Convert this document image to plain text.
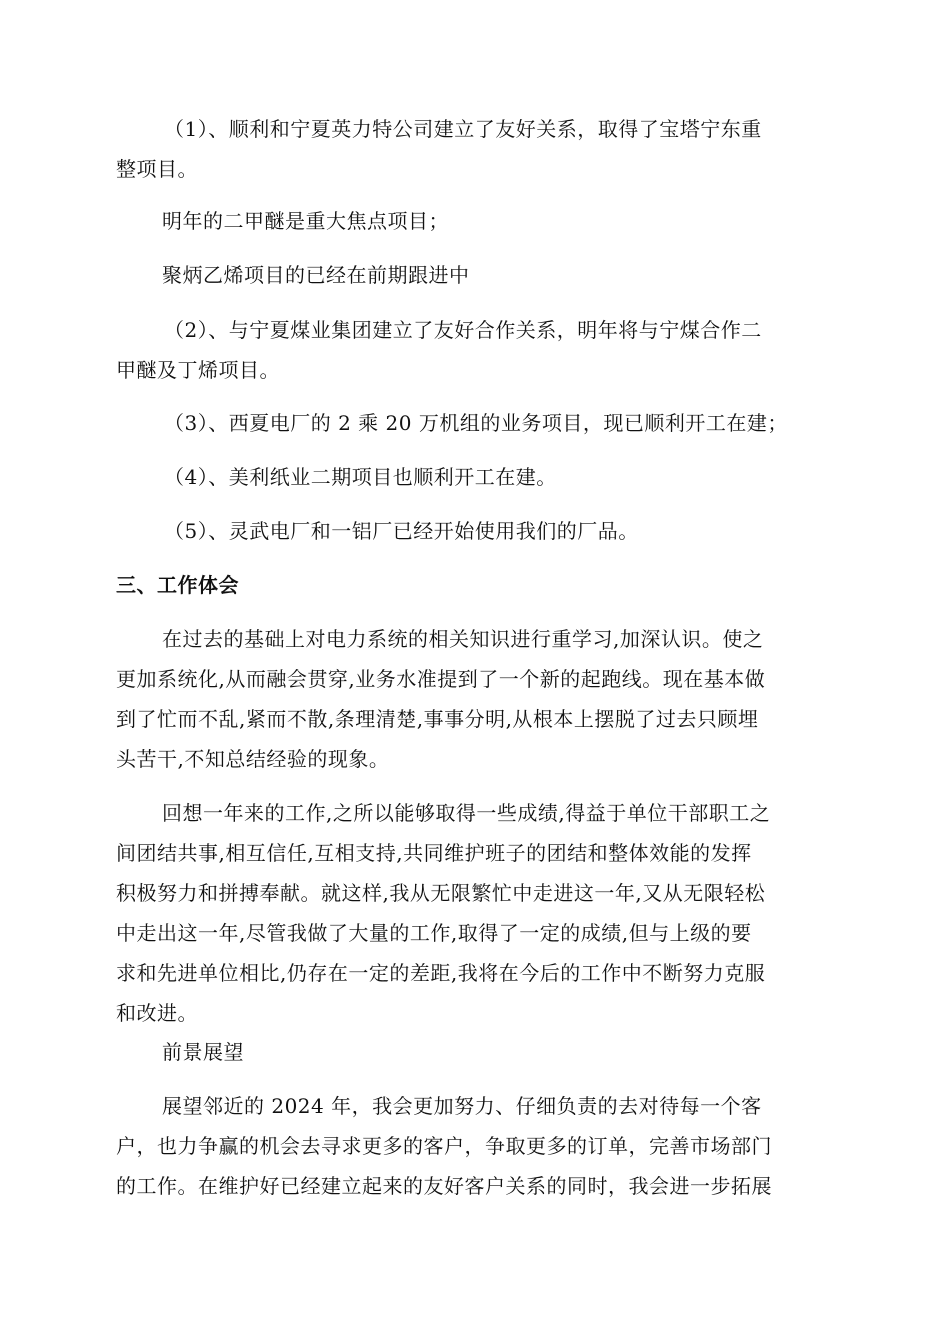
（1）、顺利和宁夏英力特公司建立了友好关系，取得了宝塔宁东重
整项目。

明年的二甲醚是重大焦点项目；

聚炳乙烯项目的已经在前期跟进中

（2）、与宁夏煤业集团建立了友好合作关系，明年将与宁煤合作二
甲醚及丁烯项目。

（3）、西夏电厂的 2 乘 20 万机组的业务项目，现已顺利开工在建；

（4）、美利纸业二期项目也顺利开工在建。

（5）、灵武电厂和一铝厂已经开始使用我们的厂品。

三、工作体会

在过去的基础上对电力系统的相关知识进行重学习,加深认识。使之
更加系统化,从而融会贯穿,业务水准提到了一个新的起跑线。现在基本做
到了忙而不乱,紧而不散,条理清楚,事事分明,从根本上摆脱了过去只顾埋
头苦干,不知总结经验的现象。

回想一年来的工作,之所以能够取得一些成绩,得益于单位干部职工之
间团结共事,相互信任,互相支持,共同维护班子的团结和整体效能的发挥
积极努力和拼搏奉献。就这样,我从无限繁忙中走进这一年,又从无限轻松
中走出这一年,尽管我做了大量的工作,取得了一定的成绩,但与上级的要
求和先进单位相比,仍存在一定的差距,我将在今后的工作中不断努力克服
和改进。

前景展望

展望邻近的 2024 年，我会更加努力、仔细负责的去对待每一个客
户，也力争赢的机会去寻求更多的客户，争取更多的订单，完善市场部门
的工作。在维护好已经建立起来的友好客户关系的同时，我会进一步拓展
